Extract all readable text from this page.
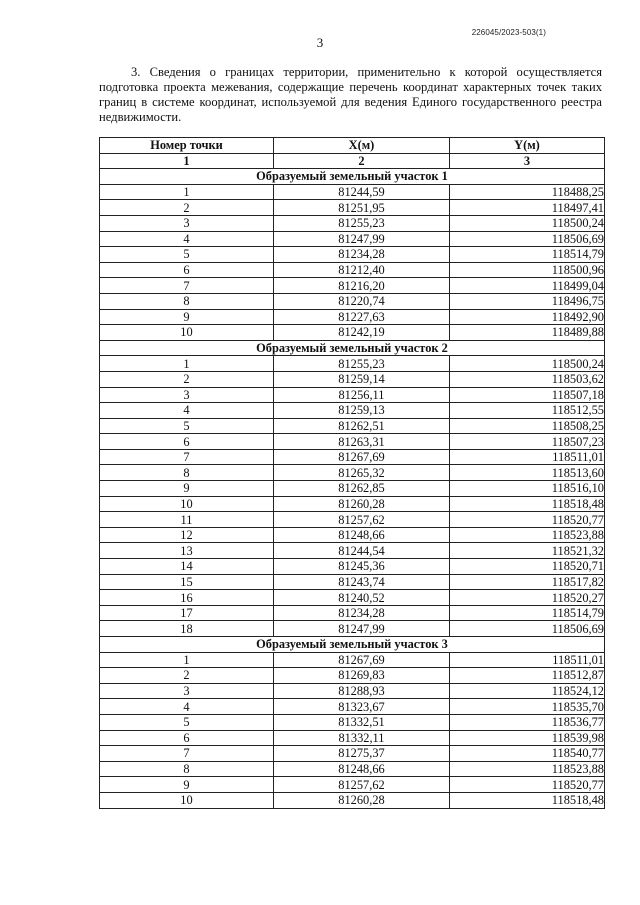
226045/2023-503(1)
3

3. Сведения о границах территории, применительно к которой осуществляется подготовка проекта межевания, содержащие перечень координат характерных точек таких границ в системе координат, используемой для ведения Единого государственного реестра недвижимости.

Номер точки	X(м)	Y(м)
1	2	3
Образуемый земельный участок 1		
1	81244,59	118488,25
2	81251,95	118497,41
3	81255,23	118500,24
4	81247,99	118506,69
5	81234,28	118514,79
6	81212,40	118500,96
7	81216,20	118499,04
8	81220,74	118496,75
9	81227,63	118492,90
10	81242,19	118489,88
Образуемый земельный участок 2		
1	81255,23	118500,24
2	81259,14	118503,62
3	81256,11	118507,18
4	81259,13	118512,55
5	81262,51	118508,25
6	81263,31	118507,23
7	81267,69	118511,01
8	81265,32	118513,60
9	81262,85	118516,10
10	81260,28	118518,48
11	81257,62	118520,77
12	81248,66	118523,88
13	81244,54	118521,32
14	81245,36	118520,71
15	81243,74	118517,82
16	81240,52	118520,27
17	81234,28	118514,79
18	81247,99	118506,69
Образуемый земельный участок 3		
1	81267,69	118511,01
2	81269,83	118512,87
3	81288,93	118524,12
4	81323,67	118535,70
5	81332,51	118536,77
6	81332,11	118539,98
7	81275,37	118540,77
8	81248,66	118523,88
9	81257,62	118520,77
10	81260,28	118518,48
